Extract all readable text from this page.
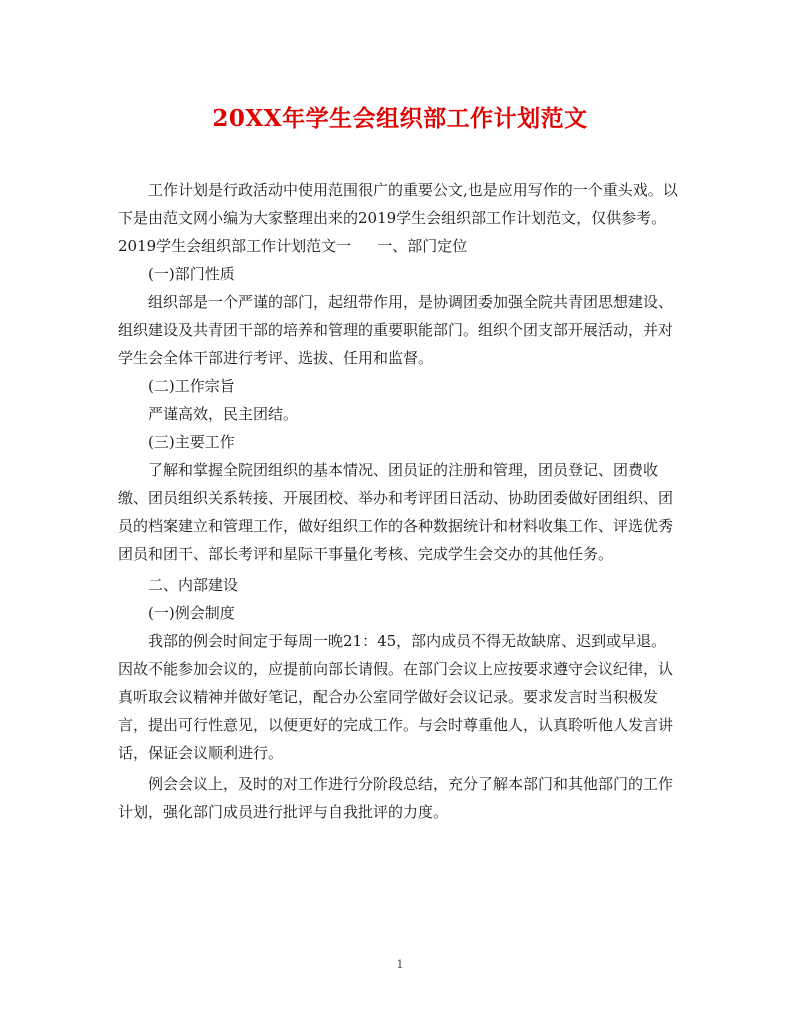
20XX年学生会组织部工作计划范文

工作计划是行政活动中使用范围很广的重要公文,也是应用写作的一个重头戏。以下是由范文网小编为大家整理出来的2019学生会组织部工作计划范文，仅供参考。

2019学生会组织部工作计划范文一 一、部门定位

(一)部门性质

组织部是一个严谨的部门，起纽带作用，是协调团委加强全院共青团思想建设、组织建设及共青团干部的培养和管理的重要职能部门。组织个团支部开展活动，并对学生会全体干部进行考评、选拔、任用和监督。

(二)工作宗旨

严谨高效，民主团结。

(三)主要工作

了解和掌握全院团组织的基本情况、团员证的注册和管理，团员登记、团费收缴、团员组织关系转接、开展团校、举办和考评团日活动、协助团委做好团组织、团员的档案建立和管理工作，做好组织工作的各种数据统计和材料收集工作、评选优秀团员和团干、部长考评和星际干事量化考核、完成学生会交办的其他任务。

二、内部建设

(一)例会制度

我部的例会时间定于每周一晚21：45，部内成员不得无故缺席、迟到或早退。因故不能参加会议的，应提前向部长请假。在部门会议上应按要求遵守会议纪律，认真听取会议精神并做好笔记，配合办公室同学做好会议记录。要求发言时当积极发言，提出可行性意见，以便更好的完成工作。与会时尊重他人，认真聆听他人发言讲话，保证会议顺利进行。

例会会议上，及时的对工作进行分阶段总结，充分了解本部门和其他部门的工作计划，强化部门成员进行批评与自我批评的力度。

1
